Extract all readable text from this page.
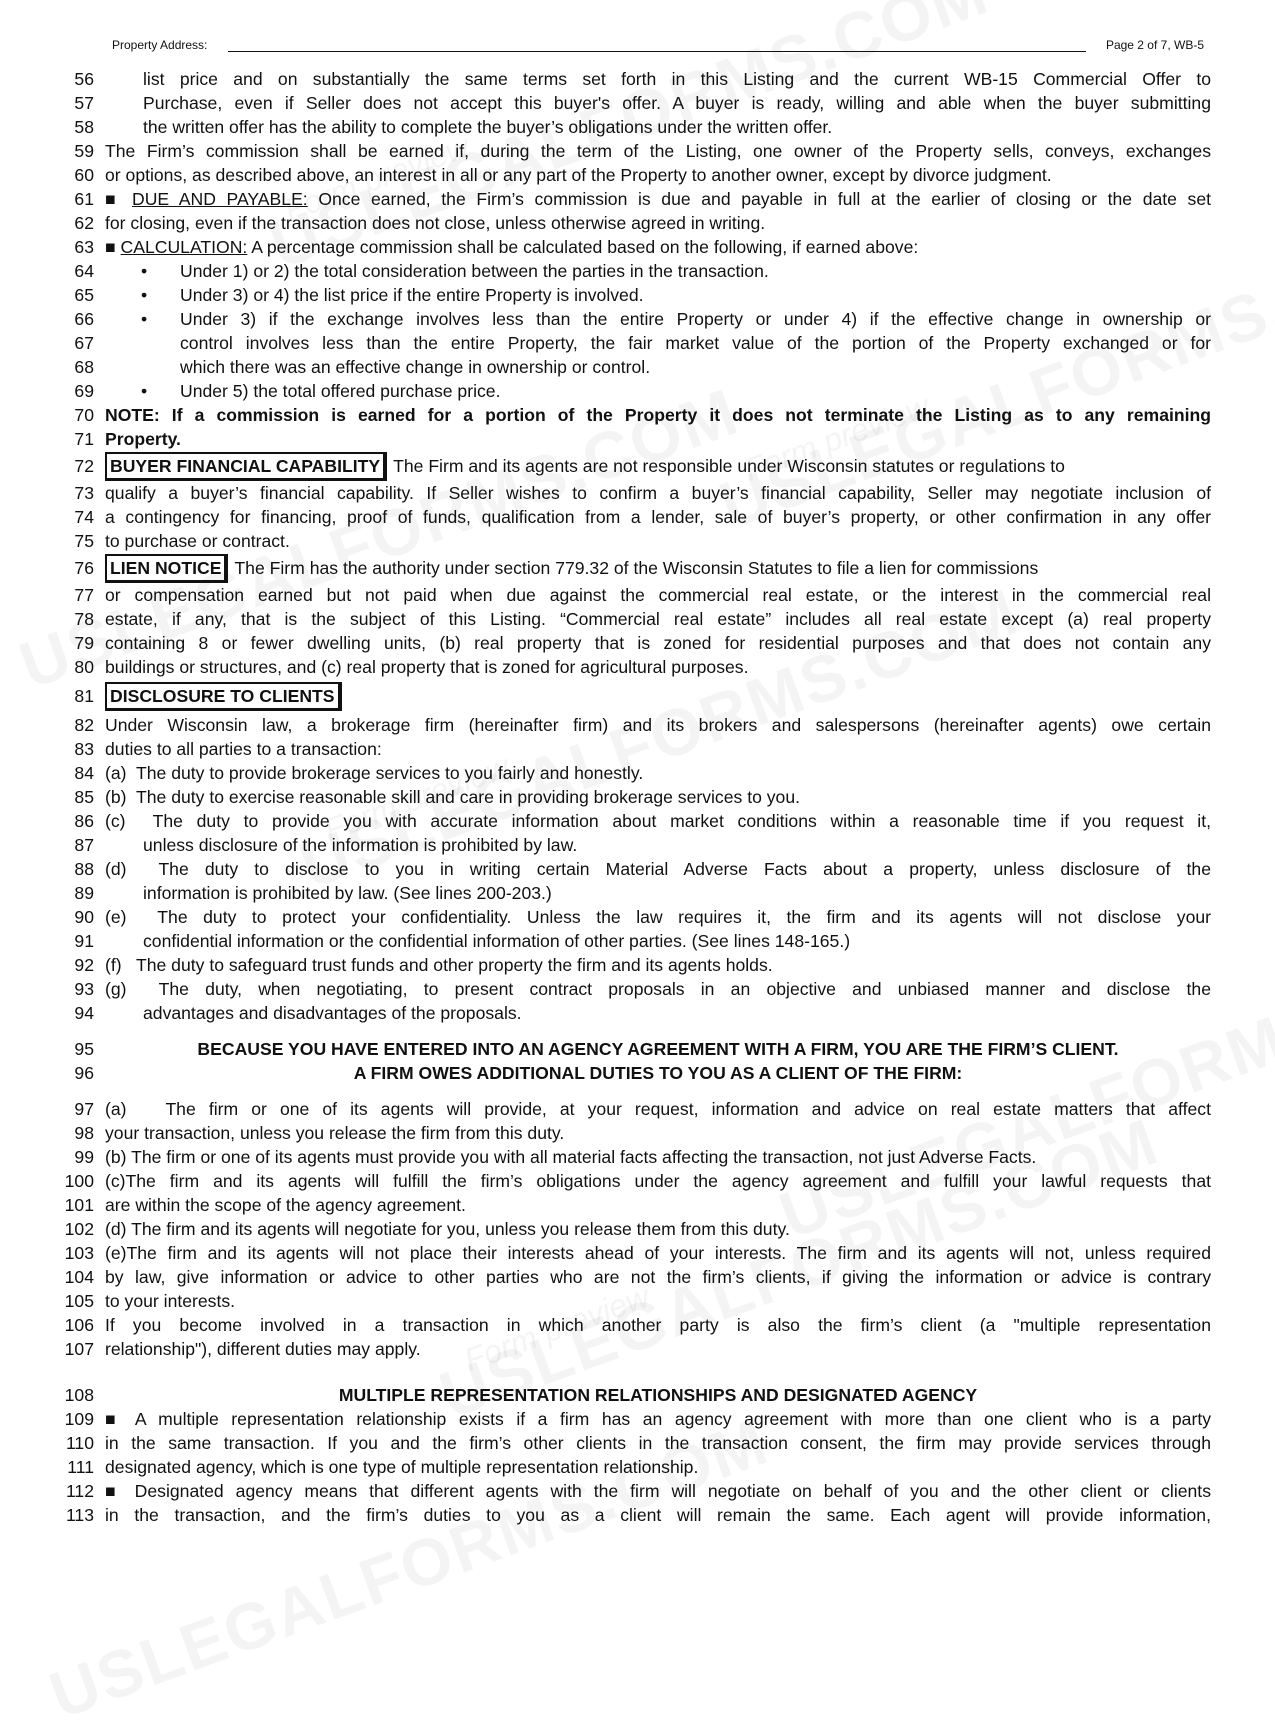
Property Address:	Page 2 of 7, WB-5
56	list price and on substantially the same terms set forth in this Listing and the current WB-15 Commercial Offer to
57	Purchase, even if Seller does not accept this buyer's offer. A buyer is ready, willing and able when the buyer submitting
58	the written offer has the ability to complete the buyer’s obligations under the written offer.
59 The Firm’s commission shall be earned if, during the term of the Listing, one owner of the Property sells, conveys, exchanges
60 or options, as described above, an interest in all or any part of the Property to another owner, except by divorce judgment.
61 ■ DUE AND PAYABLE: Once earned, the Firm’s commission is due and payable in full at the earlier of closing or the date set
62 for closing, even if the transaction does not close, unless otherwise agreed in writing.
63 ■ CALCULATION: A percentage commission shall be calculated based on the following, if earned above:
64	• Under 1) or 2) the total consideration between the parties in the transaction.
65	• Under 3) or 4) the list price if the entire Property is involved.
66	• Under 3) if the exchange involves less than the entire Property or under 4) if the effective change in ownership or
67	control involves less than the entire Property, the fair market value of the portion of the Property exchanged or for
68	which there was an effective change in ownership or control.
69	• Under 5) the total offered purchase price.
70 NOTE: If a commission is earned for a portion of the Property it does not terminate the Listing as to any remaining
71 Property.
72 BUYER FINANCIAL CAPABILITY The Firm and its agents are not responsible under Wisconsin statutes or regulations to
73 qualify a buyer’s financial capability. If Seller wishes to confirm a buyer’s financial capability, Seller may negotiate inclusion of
74 a contingency for financing, proof of funds, qualification from a lender, sale of buyer’s property, or other confirmation in any offer
75 to purchase or contract.
76 LIEN NOTICE The Firm has the authority under section 779.32 of the Wisconsin Statutes to file a lien for commissions
77 or compensation earned but not paid when due against the commercial real estate, or the interest in the commercial real
78 estate, if any, that is the subject of this Listing. “Commercial real estate” includes all real estate except (a) real property
79 containing 8 or fewer dwelling units, (b) real property that is zoned for residential purposes and that does not contain any
80 buildings or structures, and (c) real property that is zoned for agricultural purposes.
81 DISCLOSURE TO CLIENTS
82 Under Wisconsin law, a brokerage firm (hereinafter firm) and its brokers and salespersons (hereinafter agents) owe certain
83 duties to all parties to a transaction:
84 (a) The duty to provide brokerage services to you fairly and honestly.
85 (b) The duty to exercise reasonable skill and care in providing brokerage services to you.
86 (c) The duty to provide you with accurate information about market conditions within a reasonable time if you request it,
87	unless disclosure of the information is prohibited by law.
88 (d) The duty to disclose to you in writing certain Material Adverse Facts about a property, unless disclosure of the
89	information is prohibited by law. (See lines 200-203.)
90 (e) The duty to protect your confidentiality. Unless the law requires it, the firm and its agents will not disclose your
91	confidential information or the confidential information of other parties. (See lines 148-165.)
92 (f) The duty to safeguard trust funds and other property the firm and its agents holds.
93 (g) The duty, when negotiating, to present contract proposals in an objective and unbiased manner and disclose the
94	advantages and disadvantages of the proposals.
95	BECAUSE YOU HAVE ENTERED INTO AN AGENCY AGREEMENT WITH A FIRM, YOU ARE THE FIRM’S CLIENT.
96	A FIRM OWES ADDITIONAL DUTIES TO YOU AS A CLIENT OF THE FIRM:
97 (a) The firm or one of its agents will provide, at your request, information and advice on real estate matters that affect
98 your transaction, unless you release the firm from this duty.
99 (b) The firm or one of its agents must provide you with all material facts affecting the transaction, not just Adverse Facts.
100 (c)The firm and its agents will fulfill the firm’s obligations under the agency agreement and fulfill your lawful requests that
101 are within the scope of the agency agreement.
102 (d) The firm and its agents will negotiate for you, unless you release them from this duty.
103 (e)The firm and its agents will not place their interests ahead of your interests. The firm and its agents will not, unless required
104 by law, give information or advice to other parties who are not the firm’s clients, if giving the information or advice is contrary
105 to your interests.
106 If you become involved in a transaction in which another party is also the firm’s client (a "multiple representation
107 relationship"), different duties may apply.
108	MULTIPLE REPRESENTATION RELATIONSHIPS AND DESIGNATED AGENCY
109 ■ A multiple representation relationship exists if a firm has an agency agreement with more than one client who is a party
110 in the same transaction. If you and the firm’s other clients in the transaction consent, the firm may provide services through
111 designated agency, which is one type of multiple representation relationship.
112 ■ Designated agency means that different agents with the firm will negotiate on behalf of you and the other client or clients
113 in the transaction, and the firm’s duties to you as a client will remain the same. Each agent will provide information,
